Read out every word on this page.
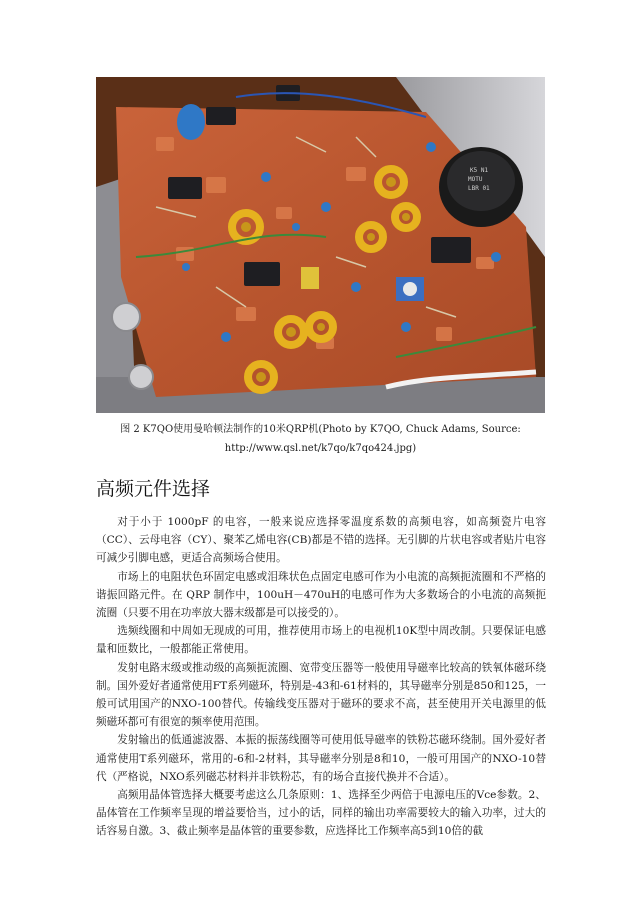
K5 N1
MOTU
LBR 01
图 2 K7QO使用曼哈顿法制作的10米QRP机(Photo by K7QO, Chuck Adams, Source:
http://www.qsl.net/k7qo/k7qo424.jpg)
高频元件选择

对于小于 1000pF 的电容，一般来说应选择零温度系数的高频电容，如高频瓷片电容（CC）、云母电容（CY）、聚苯乙烯电容(CB)都是不错的选择。无引脚的片状电容或者贴片电容可减少引脚电感，更适合高频场合使用。

市场上的电阻状色环固定电感或泪珠状色点固定电感可作为小电流的高频扼流圈和不严格的谐振回路元件。在 QRP 制作中，100uH－470uH的电感可作为大多数场合的小电流的高频扼流圈（只要不用在功率放大器末级都是可以接受的）。

选频线圈和中周如无现成的可用，推荐使用市场上的电视机10K型中周改制。只要保证电感量和匝数比，一般都能正常使用。

发射电路末级或推动级的高频扼流圈、宽带变压器等一般使用导磁率比较高的铁氧体磁环绕制。国外爱好者通常使用FT系列磁环，特别是-43和-61材料的，其导磁率分别是850和125，一般可试用国产的NXO-100替代。传输线变压器对于磁环的要求不高，甚至使用开关电源里的低频磁环都可有很宽的频率使用范围。

发射输出的低通滤波器、本振的振荡线圈等可使用低导磁率的铁粉芯磁环绕制。国外爱好者通常使用T系列磁环，常用的-6和-2材料，其导磁率分别是8和10，一般可用国产的NXO-10替代（严格说，NXO系列磁芯材料并非铁粉芯，有的场合直接代换并不合适）。

高频用晶体管选择大概要考虑这么几条原则：1、选择至少两倍于电源电压的Vce参数。2、晶体管在工作频率呈现的增益要恰当，过小的话，同样的输出功率需要较大的输入功率，过大的话容易自激。3、截止频率是晶体管的重要参数，应选择比工作频率高5到10倍的截
